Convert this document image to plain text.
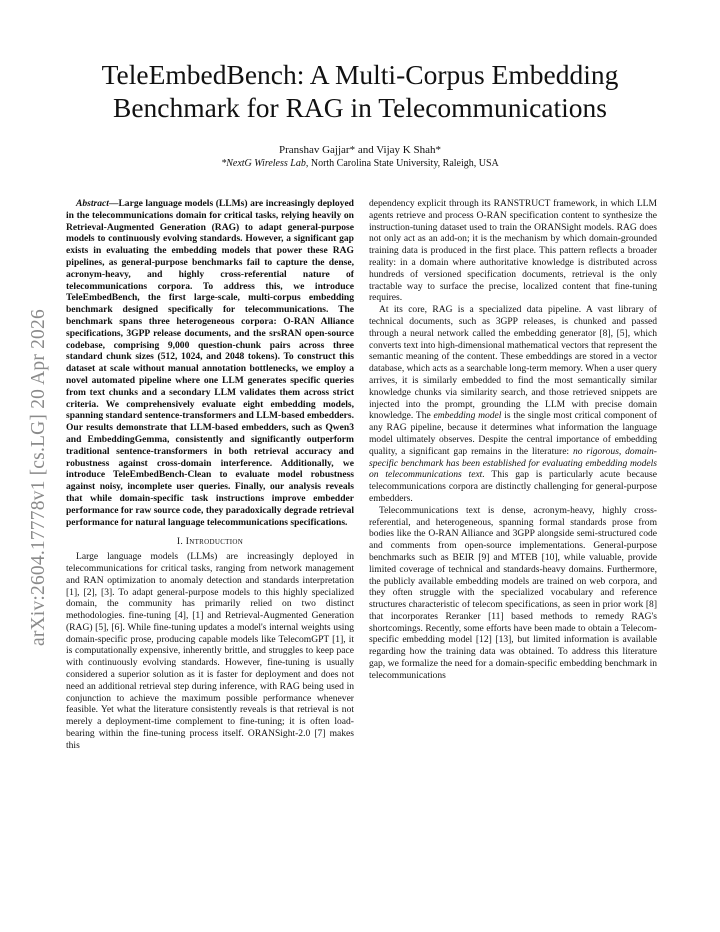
arXiv:2604.17778v1 [cs.LG] 20 Apr 2026
TeleEmbedBench: A Multi-Corpus Embedding
Benchmark for RAG in Telecommunications
Pranshav Gajjar* and Vijay K Shah*
*NextG Wireless Lab, North Carolina State University, Raleigh, USA

Abstract—Large language models (LLMs) are increasingly deployed in the telecommunications domain for critical tasks, relying heavily on Retrieval-Augmented Generation (RAG) to adapt general-purpose models to continuously evolving standards. However, a significant gap exists in evaluating the embedding models that power these RAG pipelines, as general-purpose benchmarks fail to capture the dense, acronym-heavy, and highly cross-referential nature of telecommunications corpora. To address this, we introduce TeleEmbedBench, the first large-scale, multi-corpus embedding benchmark designed specifically for telecommunications. The benchmark spans three heterogeneous corpora: O-RAN Alliance specifications, 3GPP release documents, and the srsRAN open-source codebase, comprising 9,000 question-chunk pairs across three standard chunk sizes (512, 1024, and 2048 tokens). To construct this dataset at scale without manual annotation bottlenecks, we employ a novel automated pipeline where one LLM generates specific queries from text chunks and a secondary LLM validates them across strict criteria. We comprehensively evaluate eight embedding models, spanning standard sentence-transformers and LLM-based embedders. Our results demonstrate that LLM-based embedders, such as Qwen3 and EmbeddingGemma, consistently and significantly outperform traditional sentence-transformers in both retrieval accuracy and robustness against cross-domain interference. Additionally, we introduce TeleEmbedBench-Clean to evaluate model robustness against noisy, incomplete user queries. Finally, our analysis reveals that while domain-specific task instructions improve embedder performance for raw source code, they paradoxically degrade retrieval performance for natural language telecommunications specifications.

I. Introduction

Large language models (LLMs) are increasingly deployed in telecommunications for critical tasks, ranging from network management and RAN optimization to anomaly detection and standards interpretation [1], [2], [3]. To adapt general-purpose models to this highly specialized domain, the community has primarily relied on two distinct methodologies. fine-tuning [4], [1] and Retrieval-Augmented Generation (RAG) [5], [6]. While fine-tuning updates a model's internal weights using domain-specific prose, producing capable models like TelecomGPT [1], it is computationally expensive, inherently brittle, and struggles to keep pace with continuously evolving standards. However, fine-tuning is usually considered a superior solution as it is faster for deployment and does not need an additional retrieval step during inference, with RAG being used in conjunction to achieve the maximum possible performance whenever feasible. Yet what the literature consistently reveals is that retrieval is not merely a deployment-time complement to fine-tuning; it is often load-bearing within the fine-tuning process itself. ORANSight-2.0 [7] makes this

dependency explicit through its RANSTRUCT framework, in which LLM agents retrieve and process O-RAN specification content to synthesize the instruction-tuning dataset used to train the ORANSight models. RAG does not only act as an add-on; it is the mechanism by which domain-grounded training data is produced in the first place. This pattern reflects a broader reality: in a domain where authoritative knowledge is distributed across hundreds of versioned specification documents, retrieval is the only tractable way to surface the precise, localized content that fine-tuning requires.

At its core, RAG is a specialized data pipeline. A vast library of technical documents, such as 3GPP releases, is chunked and passed through a neural network called the embedding generator [8], [5], which converts text into high-dimensional mathematical vectors that represent the semantic meaning of the content. These embeddings are stored in a vector database, which acts as a searchable long-term memory. When a user query arrives, it is similarly embedded to find the most semantically similar knowledge chunks via similarity search, and those retrieved snippets are injected into the prompt, grounding the LLM with precise domain knowledge. The embedding model is the single most critical component of any RAG pipeline, because it determines what information the language model ultimately observes. Despite the central importance of embedding quality, a significant gap remains in the literature: no rigorous, domain-specific benchmark has been established for evaluating embedding models on telecommunications text. This gap is particularly acute because telecommunications corpora are distinctly challenging for general-purpose embedders.

Telecommunications text is dense, acronym-heavy, highly cross-referential, and heterogeneous, spanning formal standards prose from bodies like the O-RAN Alliance and 3GPP alongside semi-structured code and comments from open-source implementations. General-purpose benchmarks such as BEIR [9] and MTEB [10], while valuable, provide limited coverage of technical and standards-heavy domains. Furthermore, the publicly available embedding models are trained on web corpora, and they often struggle with the specialized vocabulary and reference structures characteristic of telecom specifications, as seen in prior work [8] that incorporates Reranker [11] based methods to remedy RAG's shortcomings. Recently, some efforts have been made to obtain a Telecom-specific embedding model [12] [13], but limited information is available regarding how the training data was obtained. To address this literature gap, we formalize the need for a domain-specific embedding benchmark in telecommunications
